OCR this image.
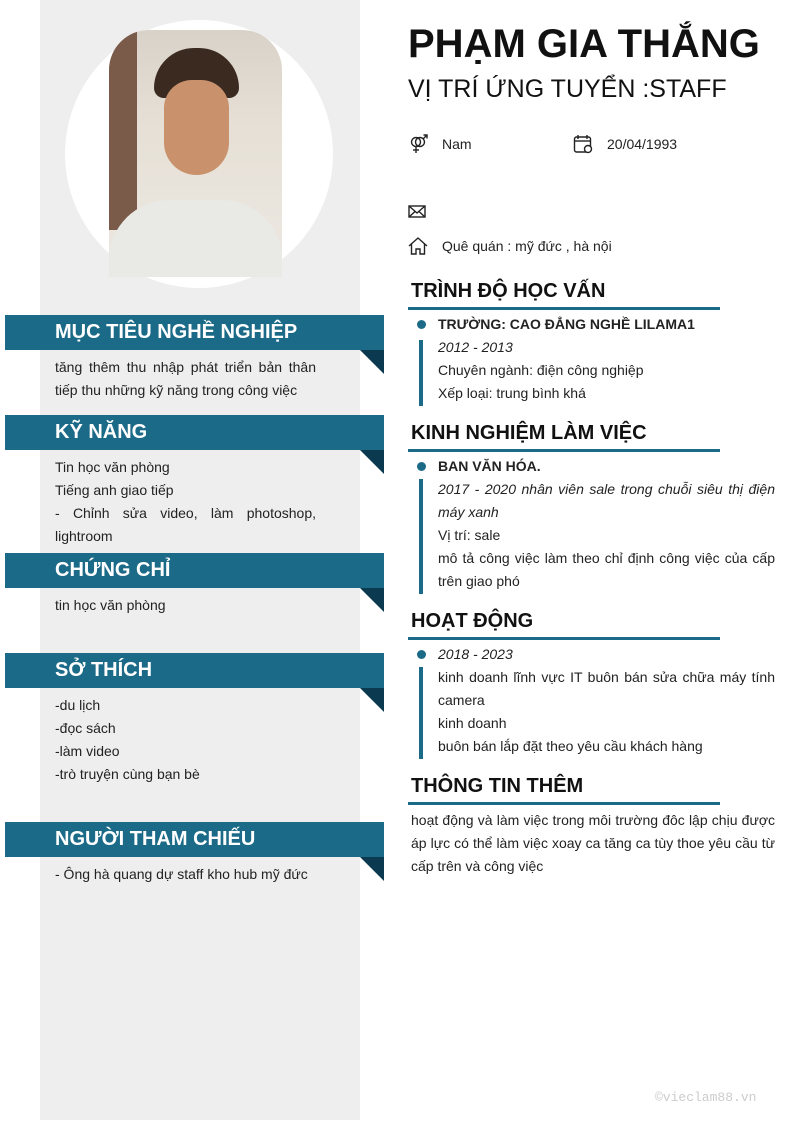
MỤC TIÊU NGHỀ NGHIỆP
tăng thêm thu nhập phát triển bản thân tiếp thu những kỹ năng trong công việc
KỸ NĂNG
Tin học văn phòng
Tiếng anh giao tiếp
- Chỉnh sửa video, làm photoshop, lightroom
CHỨNG CHỈ
tin học văn phòng
SỞ THÍCH
-du lịch
-đọc sách
-làm video
-trò truyện cùng bạn bè
NGƯỜI THAM CHIẾU
- Ông hà quang dự staff kho hub mỹ đức
PHẠM GIA THẮNG
VỊ TRÍ ỨNG TUYỂN :STAFF
Nam	20/04/1993
Quê quán : mỹ đức , hà nội
TRÌNH ĐỘ HỌC VẤN
TRƯỜNG: CAO ĐẲNG NGHỀ LILAMA1
2012 - 2013
Chuyên ngành: điện công nghiệp
Xếp loại: trung bình khá
KINH NGHIỆM LÀM VIỆC
BAN VĂN HÓA.
2017 - 2020 nhân viên sale trong chuỗi siêu thị điện máy xanh
Vị trí: sale
mô tả công việc làm theo chỉ định công việc của cấp trên giao phó
HOẠT ĐỘNG
2018 - 2023
kinh doanh lĩnh vực IT buôn bán sửa chữa máy tính camera
kinh doanh
buôn bán lắp đặt theo yêu cầu khách hàng
THÔNG TIN THÊM
hoạt động và làm việc trong môi trường đôc lập chịu được áp lực có thể làm việc xoay ca tăng ca tùy thoe yêu cầu từ cấp trên và công việc
©vieclam88.vn
